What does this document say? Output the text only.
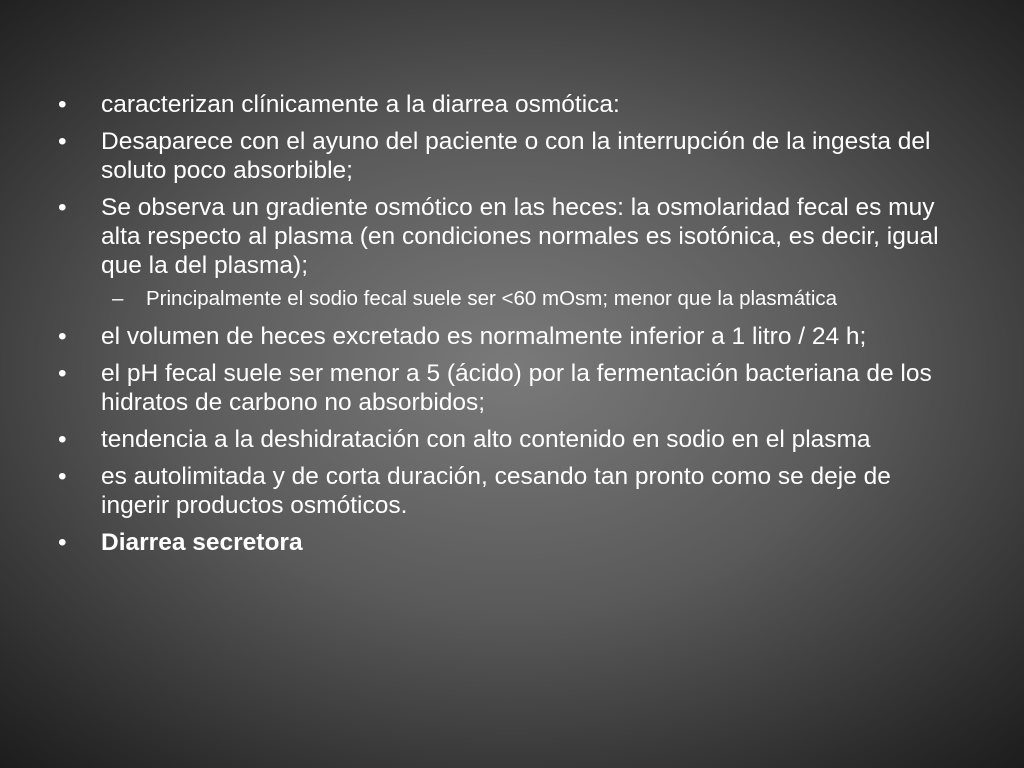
•	caracterizan clínicamente a la diarrea osmótica:
•	Desaparece con el ayuno del paciente o con la interrupción de la ingesta del soluto poco absorbible;
•	Se observa un gradiente osmótico en las heces: la osmolaridad fecal es muy alta respecto al plasma (en condiciones normales es isotónica, es decir, igual que la del plasma);
– Principalmente el sodio fecal suele ser <60 mOsm; menor que la plasmática
•	el volumen de heces excretado es normalmente inferior a 1 litro / 24 h;
•	el pH fecal suele ser menor a 5 (ácido) por la fermentación bacteriana de los hidratos de carbono no absorbidos;
•	tendencia a la deshidratación con alto contenido en sodio en el plasma
•	es autolimitada y de corta duración, cesando tan pronto como se deje de ingerir productos osmóticos.
•	Diarrea secretora
